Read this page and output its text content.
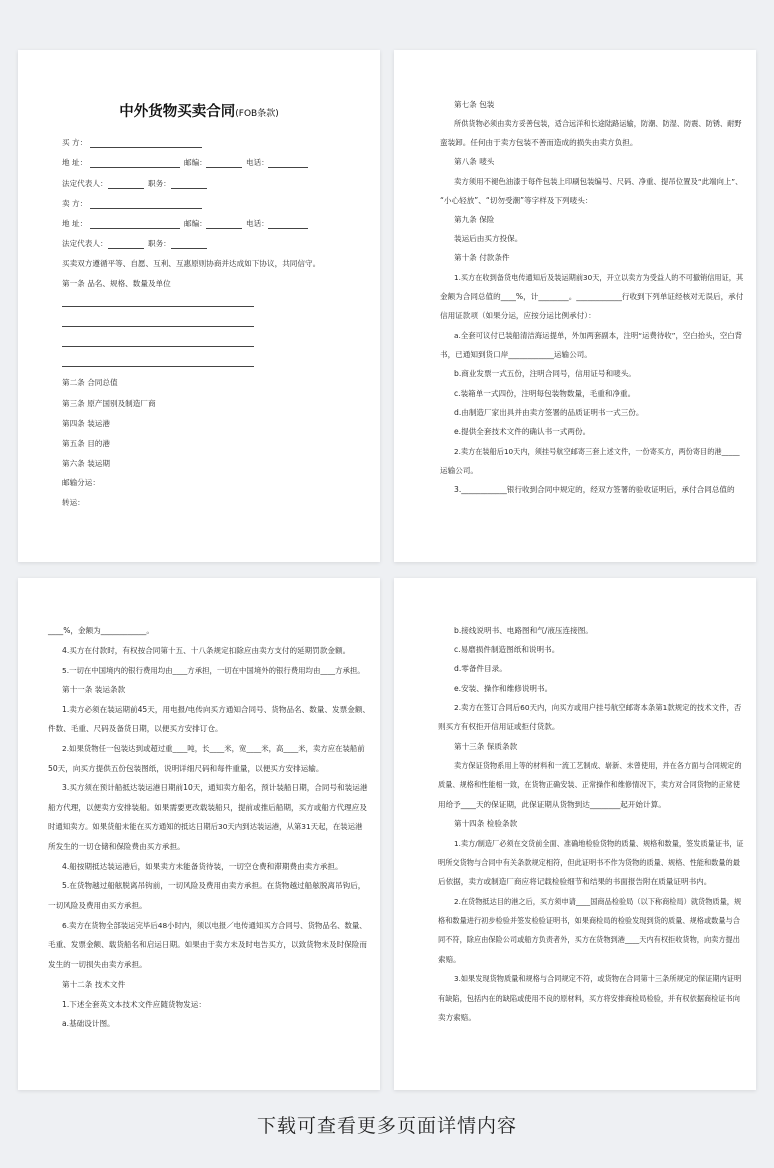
中外货物买卖合同(FOB条款)
买 方：
地 址：	邮编：	电话：
法定代表人：	职务：
卖 方：
地 址：	邮编：	电话：
法定代表人：	职务：
买卖双方遵循平等、自愿、互利、互惠原则协商并达成如下协议，共同信守。
第一条 品名、规格、数量及单位
第二条 合同总值
第三条 原产国别及制造厂商
第四条 装运港
第五条 目的港
第六条 装运期
邮输分运：
转运：
第七条 包装
所供货物必须由卖方妥善包装，适合远洋和长途陆路运输，防潮、防湿、防震、防锈、耐野
蛮装卸。任何由于卖方包装不善而造成的损失由卖方负担。
第八条 唛头
卖方须用不褪色油漆于每件包装上印刷包装编号、尺码、净重、提吊位置及“此端向上”、
“小心轻放”、“切勿受潮”等字样及下列唛头：
第九条 保险
装运后由买方投保。
第十条 付款条件
1.买方在收到备货电传通知后及装运期前30天，开立以卖方为受益人的不可撤销信用证，其
金额为合同总值的____%，计________。____________行收到下列单证经核对无误后，承付
信用证款项（如果分运，应按分运比例承付）：
a.全套可议付已装船清洁海运提单，外加两套副本，注明“运费待收”，空白抬头，空白背
书，已通知到货口岸____________运输公司。
b.商业发票一式五份，注明合同号，信用证号和唛头。
c.装箱单一式四份，注明每包装物数量，毛重和净重。
d.由制造厂家出具并由卖方签署的品质证明书一式三份。
e.提供全套技术文件的确认书一式两份。
2.卖方在装船后10天内，须挂号航空邮寄三套上述文件，一份寄买方，两份寄目的港_____
运输公司。
3.____________银行收到合同中规定的，经双方签署的验收证明后，承付合同总值的
____%，金额为____________。
4.买方在付款时，有权按合同第十五、十八条规定扣除应由卖方支付的延期罚款金额。
5.一切在中国境内的银行费用均由____方承担，一切在中国境外的银行费用均由____方承担。
第十一条 装运条款
1.卖方必须在装运期前45天，用电报/电传向买方通知合同号、货物品名、数量、发票金额、
件数、毛重、尺码及备货日期，以便买方安排订仓。
2.如果货物任一包装达到或超过重____吨，长____米，宽____米，高____米，卖方应在装船前
50天，向买方提供五份包装图纸，说明详细尺码和每件重量，以便买方安排运输。
3.买方须在预计船抵达装运港日期前10天，通知卖方船名，预计装船日期，合同号和装运港
船方代理，以便卖方安排装船。如果需要更改载装船只，提前或推后船期，买方或船方代理应及
时通知卖方。如果货船未能在买方通知的抵达日期后30天内到达装运港，从第31天起，在装运港
所发生的一切仓储和保险费由买方承担。
4.船按期抵达装运港后，如果卖方未能备货待装，一切空仓费和滞期费由卖方承担。
5.在货物越过船舷脱离吊钩前，一切风险及费用由卖方承担。在货物越过船舷脱离吊钩后，
一切风险及费用由买方承担。
6.卖方在货物全部装运完毕后48小时内，须以电报／电传通知买方合同号、货物品名、数量、
毛重、发票金额、载货船名和启运日期。如果由于卖方未及时电告买方，以致货物未及时保险而
发生的一切损失由卖方承担。
第十二条 技术文件
1.下述全套英文本技术文件应随货物发运：
a.基础设计图。
b.接线说明书、电路图和气/液压连接图。
c.易磨损件制造图纸和说明书。
d.零备件目录。
e.安装、操作和维修说明书。
2.卖方在签订合同后60天内，向买方或用户挂号航空邮寄本条第1款规定的技术文件，否
则买方有权拒开信用证或拒付货款。
第十三条 保质条款
卖方保证货物系用上等的材料和一流工艺制成、崭新、未曾使用，并在各方面与合同规定的
质量、规格和性能相一致，在货物正确安装、正常操作和维修情况下，卖方对合同货物的正常使
用给予____天的保证期，此保证期从货物到达________起开始计算。
第十四条 检验条款
1.卖方/制造厂必须在交货前全面、准确地检验货物的质量、规格和数量，签发质量证书，证
明所交货物与合同中有关条款规定相符，但此证明书不作为货物的质量、规格、性能和数量的最
后依据，卖方或制造厂商应将记载检验细节和结果的书面报告附在质量证明书内。
2.在货物抵达目的港之后，买方须申请____国商品检验局（以下称商检局）就货物质量，规
格和数量进行初步检验并签发检验证明书，如果商检局的检验发现到货的质量、规格或数量与合
同不符，除应由保险公司或船方负责者外，买方在货物到港____天内有权拒收货物，向卖方提出
索赔。
3.如果发现货物质量和规格与合同规定不符，或货物在合同第十三条所规定的保证期内证明
有缺陷，包括内在的缺陷或使用不良的原材料，买方将安排商检局检验，并有权依据商检证书向
卖方索赔。
下载可查看更多页面详情内容
